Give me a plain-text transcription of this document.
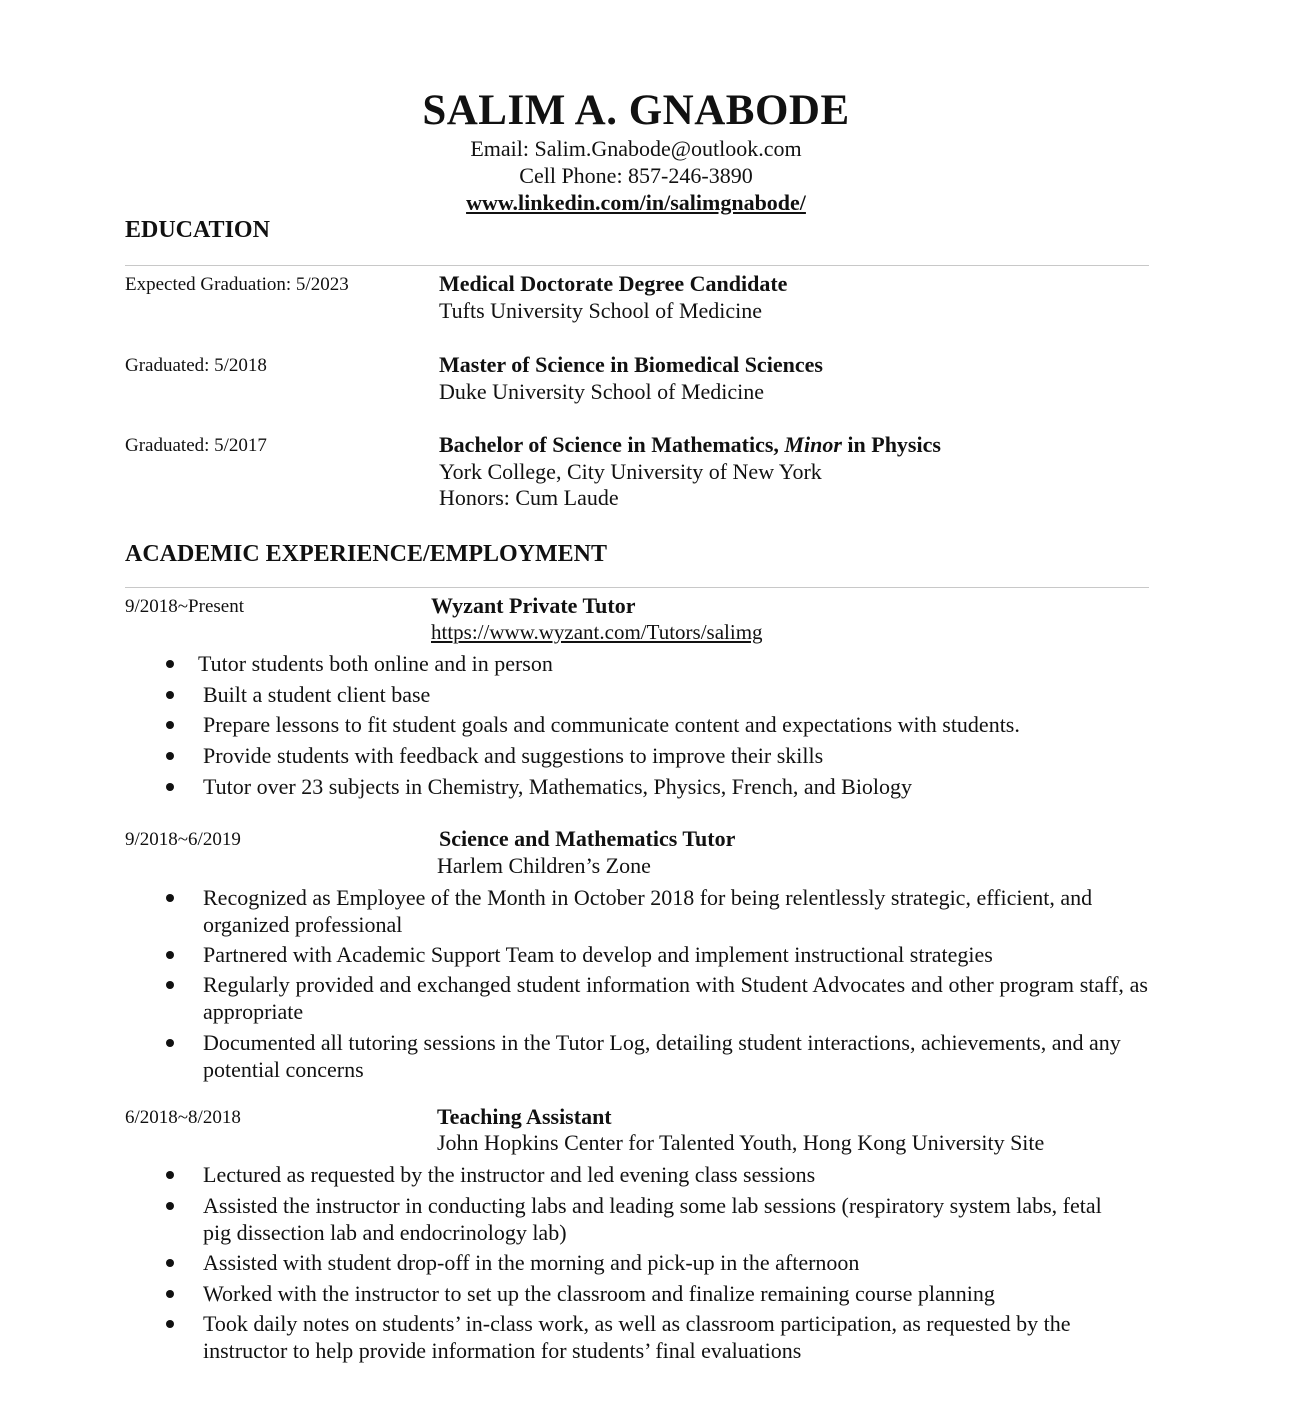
SALIM A. GNABODE
Email: Salim.Gnabode@outlook.com
Cell Phone: 857-246-3890
www.linkedin.com/in/salimgnabode/
EDUCATION
Expected Graduation: 5/2023	Medical Doctorate Degree Candidate
Tufts University School of Medicine
Graduated: 5/2018	Master of Science in Biomedical Sciences
Duke University School of Medicine
Graduated: 5/2017	Bachelor of Science in Mathematics, Minor in Physics
York College, City University of New York
Honors: Cum Laude
ACADEMIC EXPERIENCE/EMPLOYMENT
9/2018~Present	Wyzant Private Tutor
https://www.wyzant.com/Tutors/salimg
Tutor students both online and in person
Built a student client base
Prepare lessons to fit student goals and communicate content and expectations with students.
Provide students with feedback and suggestions to improve their skills
Tutor over 23 subjects in Chemistry, Mathematics, Physics, French, and Biology
9/2018~6/2019	Science and Mathematics Tutor
Harlem Children’s Zone
Recognized as Employee of the Month in October 2018 for being relentlessly strategic, efficient, and organized professional
Partnered with Academic Support Team to develop and implement instructional strategies
Regularly provided and exchanged student information with Student Advocates and other program staff, as appropriate
Documented all tutoring sessions in the Tutor Log, detailing student interactions, achievements, and any potential concerns
6/2018~8/2018	Teaching Assistant
John Hopkins Center for Talented Youth, Hong Kong University Site
Lectured as requested by the instructor and led evening class sessions
Assisted the instructor in conducting labs and leading some lab sessions (respiratory system labs, fetal pig dissection lab and endocrinology lab)
Assisted with student drop-off in the morning and pick-up in the afternoon
Worked with the instructor to set up the classroom and finalize remaining course planning
Took daily notes on students’ in-class work, as well as classroom participation, as requested by the instructor to help provide information for students’ final evaluations
